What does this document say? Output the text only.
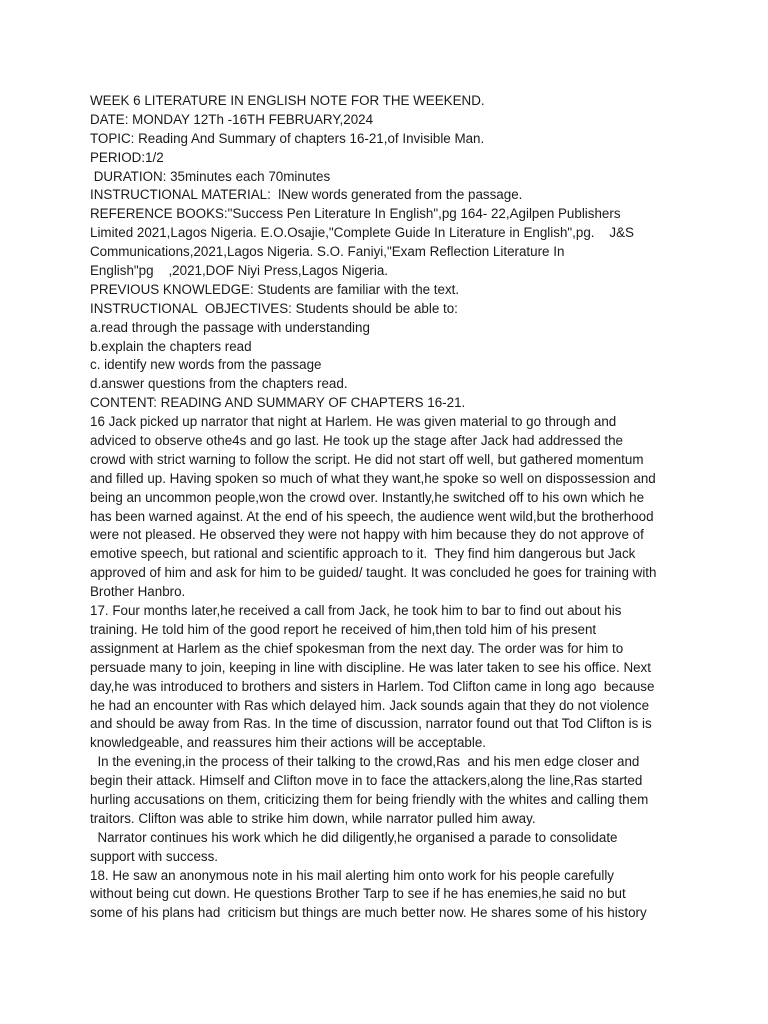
WEEK 6 LITERATURE IN ENGLISH NOTE FOR THE WEEKEND.
DATE: MONDAY 12Th -16TH FEBRUARY,2024
TOPIC: Reading And Summary of chapters 16-21,of Invisible Man.
PERIOD:1/2
DURATION: 35minutes each 70minutes
INSTRUCTIONAL MATERIAL:  lNew words generated from the passage.
REFERENCE BOOKS:"Success Pen Literature In English",pg 164- 22,Agilpen Publishers
Limited 2021,Lagos Nigeria. E.O.Osajie,"Complete Guide In Literature in English",pg.    J&S
Communications,2021,Lagos Nigeria. S.O. Faniyi,"Exam Reflection Literature In
English"pg    ,2021,DOF Niyi Press,Lagos Nigeria.
PREVIOUS KNOWLEDGE: Students are familiar with the text.
INSTRUCTIONAL  OBJECTIVES: Students should be able to:
a.read through the passage with understanding
b.explain the chapters read
c. identify new words from the passage
d.answer questions from the chapters read.
CONTENT: READING AND SUMMARY OF CHAPTERS 16-21.
16 Jack picked up narrator that night at Harlem. He was given material to go through and
adviced to observe othe4s and go last. He took up the stage after Jack had addressed the
crowd with strict warning to follow the script. He did not start off well, but gathered momentum
and filled up. Having spoken so much of what they want,he spoke so well on dispossession and
being an uncommon people,won the crowd over. Instantly,he switched off to his own which he
has been warned against. At the end of his speech, the audience went wild,but the brotherhood
were not pleased. He observed they were not happy with him because they do not approve of
emotive speech, but rational and scientific approach to it.  They find him dangerous but Jack
approved of him and ask for him to be guided/ taught. It was concluded he goes for training with
Brother Hanbro.
17. Four months later,he received a call from Jack, he took him to bar to find out about his
training. He told him of the good report he received of him,then told him of his present
assignment at Harlem as the chief spokesman from the next day. The order was for him to
persuade many to join, keeping in line with discipline. He was later taken to see his office. Next
day,he was introduced to brothers and sisters in Harlem. Tod Clifton came in long ago  because
he had an encounter with Ras which delayed him. Jack sounds again that they do not violence
and should be away from Ras. In the time of discussion, narrator found out that Tod Clifton is is
knowledgeable, and reassures him their actions will be acceptable.
In the evening,in the process of their talking to the crowd,Ras  and his men edge closer and
begin their attack. Himself and Clifton move in to face the attackers,along the line,Ras started
hurling accusations on them, criticizing them for being friendly with the whites and calling them
traitors. Clifton was able to strike him down, while narrator pulled him away.
Narrator continues his work which he did diligently,he organised a parade to consolidate
support with success.
18. He saw an anonymous note in his mail alerting him onto work for his people carefully
without being cut down. He questions Brother Tarp to see if he has enemies,he said no but
some of his plans had  criticism but things are much better now. He shares some of his history
